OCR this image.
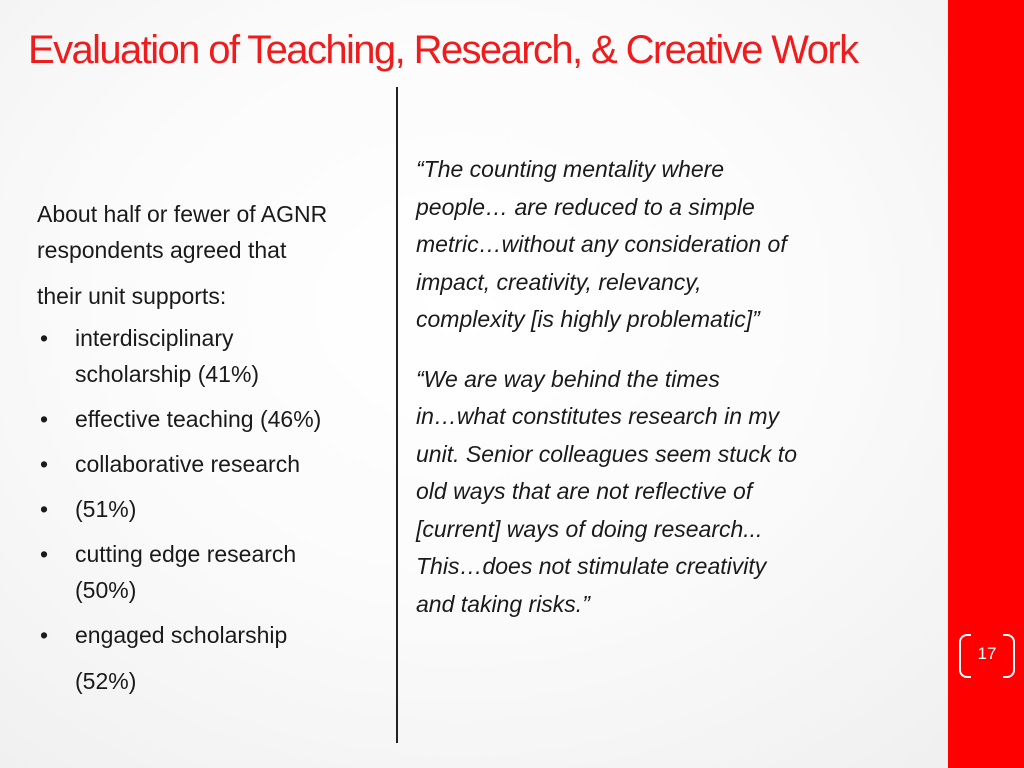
Evaluation of Teaching, Research, & Creative Work

About half or fewer of AGNR

respondents agreed that

their unit supports:

• interdisciplinary
scholarship (41%)
• effective teaching (46%)
• collaborative research
• (51%)
• cutting edge research
(50%)
• engaged scholarship
(52%)
“The counting mentality where
people… are reduced to a simple
metric…without any consideration of
impact, creativity, relevancy,
complexity [is highly problematic]”
“We are way behind the times
in…what constitutes research in my
unit. Senior colleagues seem stuck to
old ways that are not reflective of
[current] ways of doing research...
This…does not stimulate creativity
and taking risks.”
17
